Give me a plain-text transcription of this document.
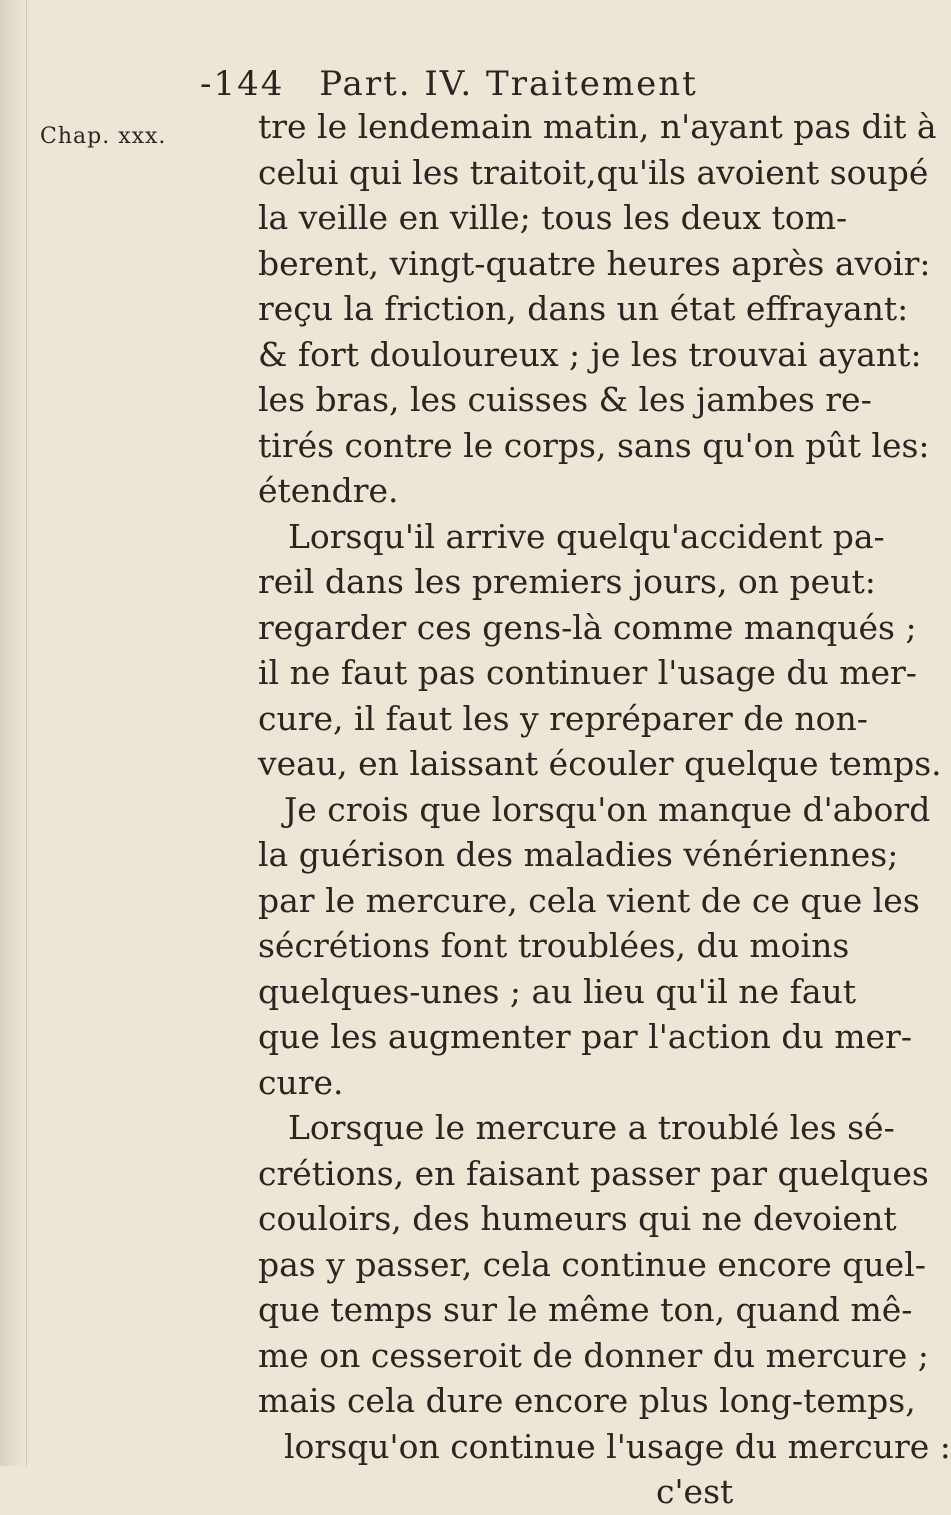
-144 Part. IV. Traitement
Chap. xxx.	tre le lendemain matin, n'ayant pas dit à
celui qui les traitoit,qu'ils avoient soupé
la veille en ville; tous les deux tom-
berent, vingt-quatre heures après avoir:
reçu la friction, dans un état effrayant:
& fort douloureux ; je les trouvai ayant:
les bras, les cuisses & les jambes re-
tirés contre le corps, sans qu'on pût les:
étendre.
Lorsqu'il arrive quelqu'accident pa-
reil dans les premiers jours, on peut:
regarder ces gens-là comme manqués ;
il ne faut pas continuer l'usage du mer-
cure, il faut les y repréparer de non-
veau, en laissant écouler quelque temps.
Je crois que lorsqu'on manque d'abord
la guérison des maladies vénériennes;
par le mercure, cela vient de ce que les
sécrétions font troublées, du moins
quelques-unes ; au lieu qu'il ne faut
que les augmenter par l'action du mer-
cure.
Lorsque le mercure a troublé les sé-
crétions, en faisant passer par quelques
couloirs, des humeurs qui ne devoient
pas y passer, cela continue encore quel-
que temps sur le même ton, quand mê-
me on cesseroit de donner du mercure ;
mais cela dure encore plus long-temps,
lorsqu'on continue l'usage du mercure :
c'est
